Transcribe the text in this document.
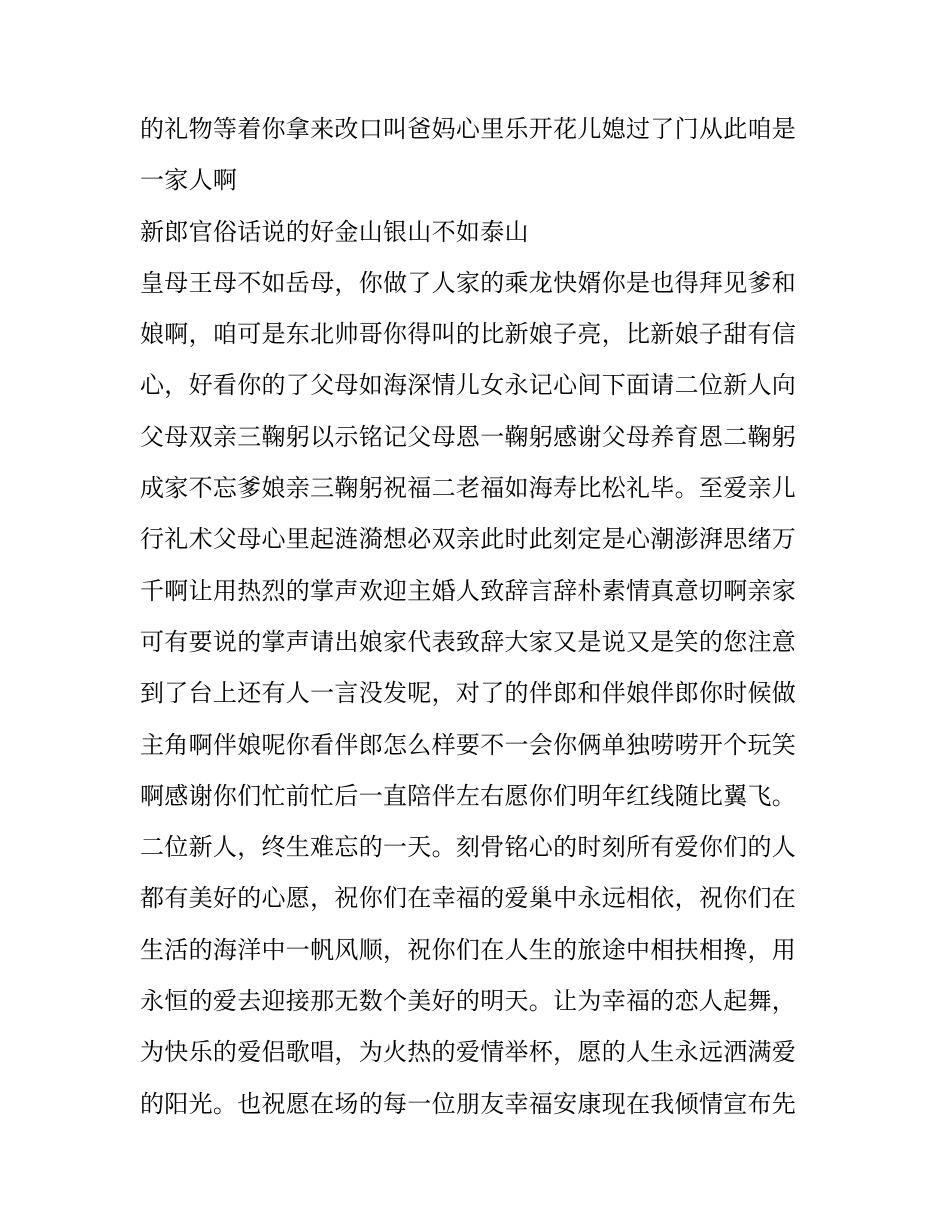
的礼物等着你拿来改口叫爸妈心里乐开花儿媳过了门从此咱是
一家人啊
新郎官俗话说的好金山银山不如泰山
皇母王母不如岳母，你做了人家的乘龙快婿你是也得拜见爹和
娘啊，咱可是东北帅哥你得叫的比新娘子亮，比新娘子甜有信
心，好看你的了父母如海深情儿女永记心间下面请二位新人向
父母双亲三鞠躬以示铭记父母恩一鞠躬感谢父母养育恩二鞠躬
成家不忘爹娘亲三鞠躬祝福二老福如海寿比松礼毕。至爱亲儿
行礼术父母心里起涟漪想必双亲此时此刻定是心潮澎湃思绪万
千啊让用热烈的掌声欢迎主婚人致辞言辞朴素情真意切啊亲家
可有要说的掌声请出娘家代表致辞大家又是说又是笑的您注意
到了台上还有人一言没发呢，对了的伴郎和伴娘伴郎你时候做
主角啊伴娘呢你看伴郎怎么样要不一会你俩单独唠唠开个玩笑
啊感谢你们忙前忙后一直陪伴左右愿你们明年红线随比翼飞。
二位新人，终生难忘的一天。刻骨铭心的时刻所有爱你们的人
都有美好的心愿，祝你们在幸福的爱巢中永远相依，祝你们在
生活的海洋中一帆风顺，祝你们在人生的旅途中相扶相搀，用
永恒的爱去迎接那无数个美好的明天。让为幸福的恋人起舞，
为快乐的爱侣歌唱，为火热的爱情举杯，愿的人生永远洒满爱
的阳光。也祝愿在场的每一位朋友幸福安康现在我倾情宣布先
